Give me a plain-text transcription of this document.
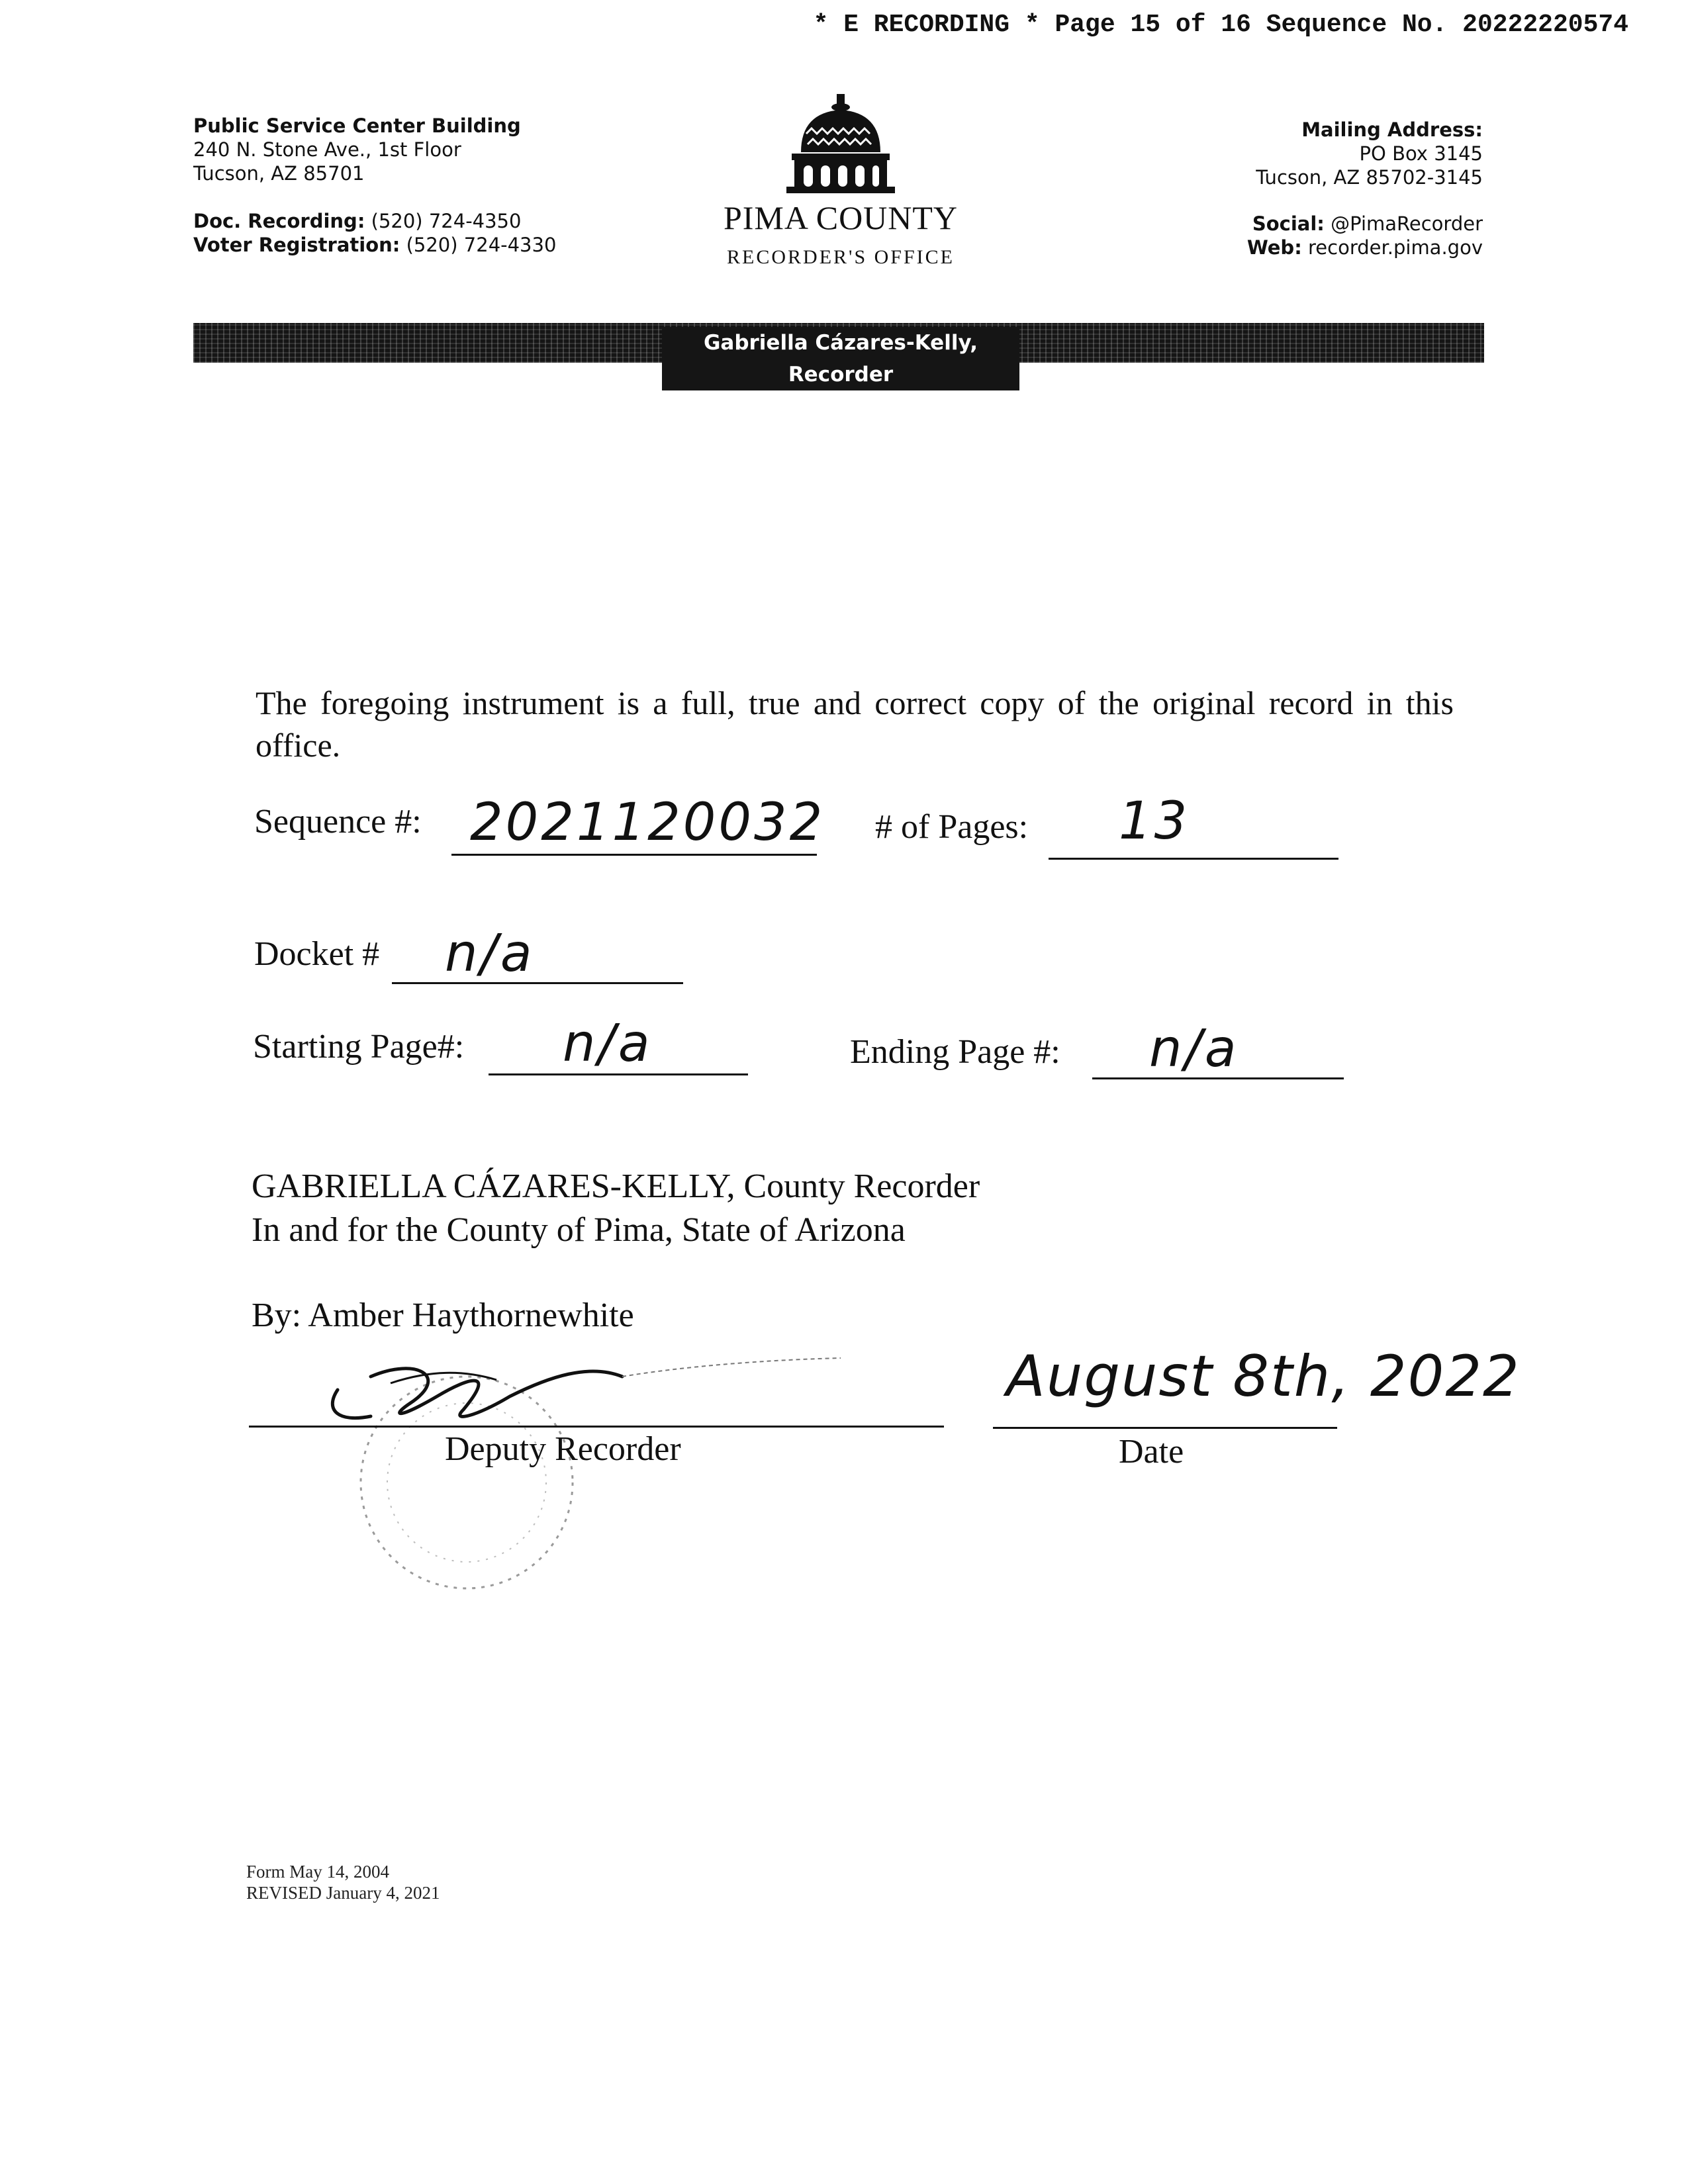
* E RECORDING * Page 15 of 16 Sequence No. 20222220574
Public Service Center Building
240 N. Stone Ave., 1st Floor
Tucson, AZ 85701
Doc. Recording: (520) 724-4350
Voter Registration: (520) 724-4330
PIMA COUNTY
RECORDER'S OFFICE
Mailing Address:
PO Box 3145
Tucson, AZ 85702-3145
Social: @PimaRecorder
Web: recorder.pima.gov
Gabriella Cázares-Kelly, Recorder
The foregoing instrument is a full, true and correct copy of the original record in this office.
Sequence #: 2021120032 # of Pages: 13
Docket # n/a
Starting Page#: n/a	Ending Page #: n/a
GABRIELLA CÁZARES-KELLY, County Recorder
In and for the County of Pima, State of Arizona
By: Amber Haythornewhite
Deputy Recorder
August 8th, 2022
Date
Form May 14, 2004
REVISED January 4, 2021
